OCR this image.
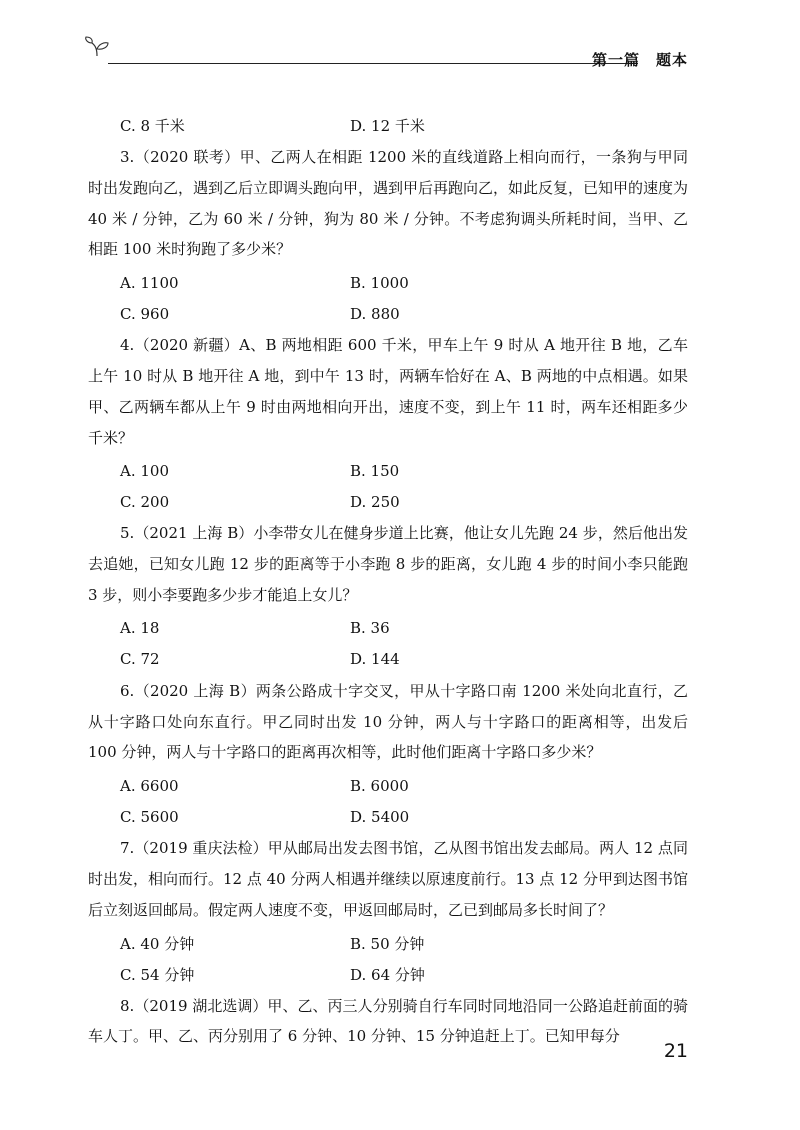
第一篇　题本
C. 8 千米	D. 12 千米
3.（2020 联考）甲、乙两人在相距 1200 米的直线道路上相向而行，一条狗与甲同时出发跑向乙，遇到乙后立即调头跑向甲，遇到甲后再跑向乙，如此反复，已知甲的速度为 40 米 / 分钟，乙为 60 米 / 分钟，狗为 80 米 / 分钟。不考虑狗调头所耗时间，当甲、乙相距 100 米时狗跑了多少米？
A. 1100	B. 1000
C. 960	D. 880
4.（2020 新疆）A、B 两地相距 600 千米，甲车上午 9 时从 A 地开往 B 地，乙车上午 10 时从 B 地开往 A 地，到中午 13 时，两辆车恰好在 A、B 两地的中点相遇。如果甲、乙两辆车都从上午 9 时由两地相向开出，速度不变，到上午 11 时，两车还相距多少千米？
A. 100	B. 150
C. 200	D. 250
5.（2021 上海 B）小李带女儿在健身步道上比赛，他让女儿先跑 24 步，然后他出发去追她，已知女儿跑 12 步的距离等于小李跑 8 步的距离，女儿跑 4 步的时间小李只能跑 3 步，则小李要跑多少步才能追上女儿？
A. 18	B. 36
C. 72	D. 144
6.（2020 上海 B）两条公路成十字交叉，甲从十字路口南 1200 米处向北直行，乙从十字路口处向东直行。甲乙同时出发 10 分钟，两人与十字路口的距离相等，出发后 100 分钟，两人与十字路口的距离再次相等，此时他们距离十字路口多少米？
A. 6600	B. 6000
C. 5600	D. 5400
7.（2019 重庆法检）甲从邮局出发去图书馆，乙从图书馆出发去邮局。两人 12 点同时出发，相向而行。12 点 40 分两人相遇并继续以原速度前行。13 点 12 分甲到达图书馆后立刻返回邮局。假定两人速度不变，甲返回邮局时，乙已到邮局多长时间了？
A. 40 分钟	B. 50 分钟
C. 54 分钟	D. 64 分钟
8.（2019 湖北选调）甲、乙、丙三人分别骑自行车同时同地沿同一公路追赶前面的骑车人丁。甲、乙、丙分别用了 6 分钟、10 分钟、15 分钟追赶上丁。已知甲每分
21
